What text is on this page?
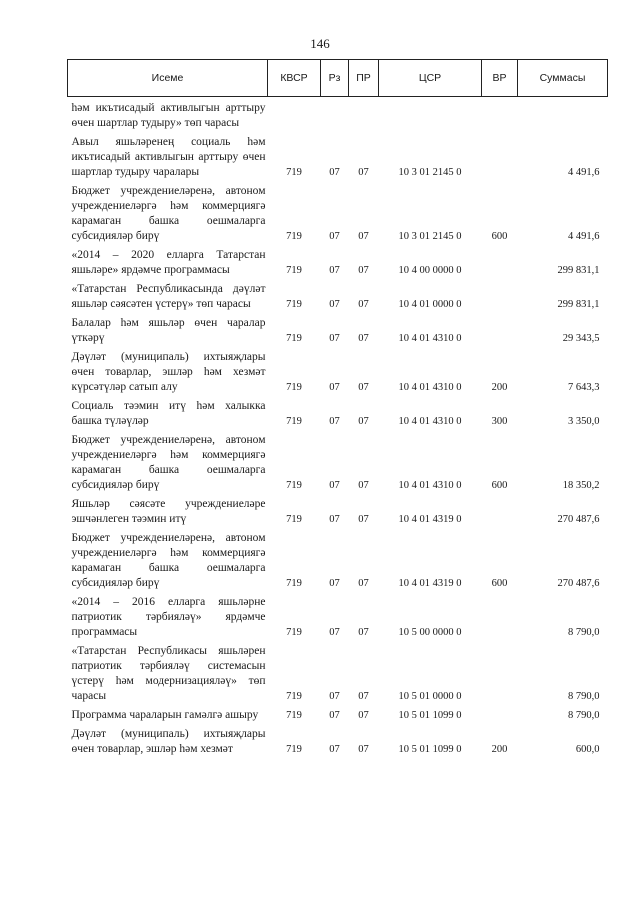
146
Исеме	КВСР	Рз	ПР	ЦСР	ВР	Суммасы
һәм икътисадый активлыгын арттыру өчен шартлар тудыру» төп чарасы						
Авыл яшьләренең социаль һәм икътисадый активлыгын арттыру өчен шартлар тудыру чаралары	719	07	07	10 3 01 2145 0		4 491,6
Бюджет учреждениеләренә, автоном учреждениеләргә һәм коммерциягә карамаган башка оешмаларга субсидияләр бирү	719	07	07	10 3 01 2145 0	600	4 491,6
«2014 – 2020 елларга Татарстан яшьләре» ярдәмче программасы	719	07	07	10 4 00 0000 0		299 831,1
«Татарстан Республикасында дәүләт яшьләр сәясәтен үстерү» төп чарасы	719	07	07	10 4 01 0000 0		299 831,1
Балалар һәм яшьләр өчен чаралар үткәрү	719	07	07	10 4 01 4310 0		29 343,5
Дәүләт (муниципаль) ихтыяҗлары өчен товарлар, эшләр һәм хезмәт күрсәтүләр сатып алу	719	07	07	10 4 01 4310 0	200	7 643,3
Социаль тәэмин итү һәм халыкка башка түләүләр	719	07	07	10 4 01 4310 0	300	3 350,0
Бюджет учреждениеләренә, автоном учреждениеләргә һәм коммерциягә карамаган башка оешмаларга субсидияләр бирү	719	07	07	10 4 01 4310 0	600	18 350,2
Яшьләр сәясәте учреждениеләре эшчәнлеген тәэмин итү	719	07	07	10 4 01 4319 0		270 487,6
Бюджет учреждениеләренә, автоном учреждениеләргә һәм коммерциягә карамаган башка оешмаларга субсидияләр бирү	719	07	07	10 4 01 4319 0	600	270 487,6
«2014 – 2016 елларга яшьләрне патриотик тәрбияләү» ярдәмче программасы	719	07	07	10 5 00 0000 0		8 790,0
«Татарстан Республикасы яшьләрен патриотик тәрбияләү системасын үстерү һәм модернизацияләү» төп чарасы	719	07	07	10 5 01 0000 0		8 790,0
Программа чараларын гамәлгә ашыру	719	07	07	10 5 01 1099 0		8 790,0
Дәүләт (муниципаль) ихтыяҗлары өчен товарлар, эшләр һәм хезмәт	719	07	07	10 5 01 1099 0	200	600,0
